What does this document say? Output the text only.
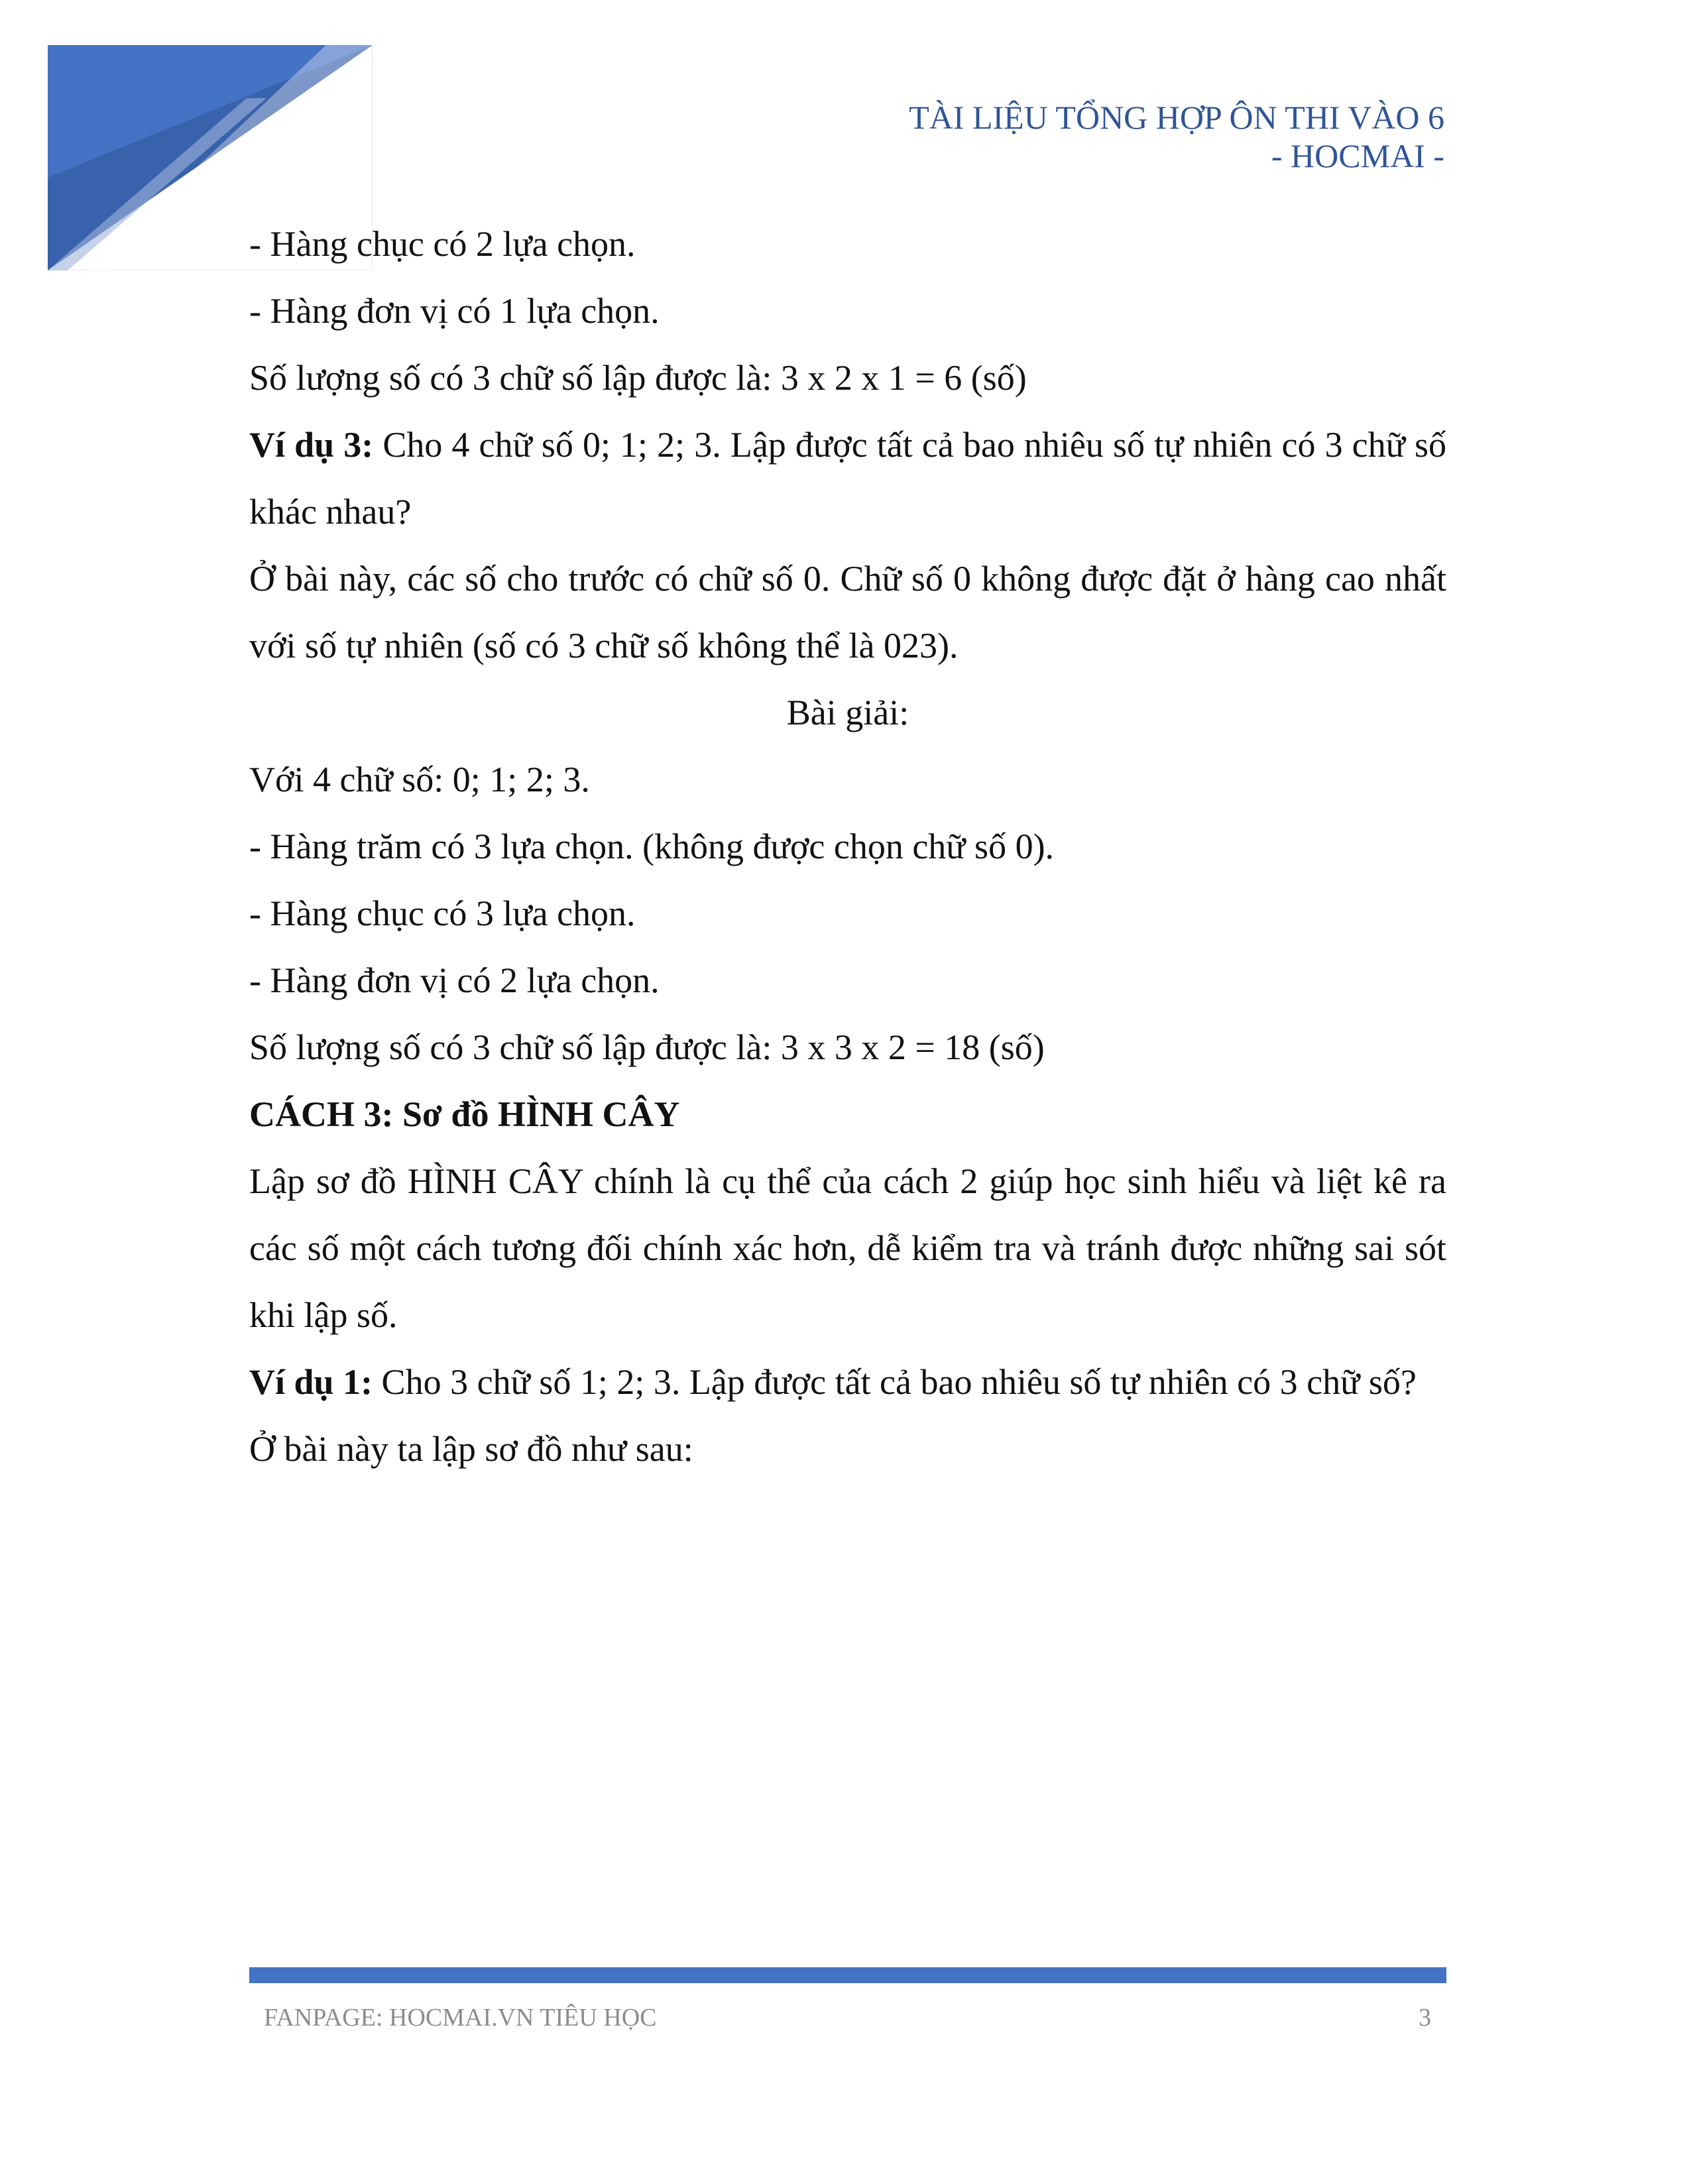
TÀI LIỆU TỔNG HỢP ÔN THI VÀO 6
- HOCMAI -

- Hàng chục có 2 lựa chọn.

- Hàng đơn vị có 1 lựa chọn.

Số lượng số có 3 chữ số lập được là: 3 x 2 x 1 = 6 (số)

Ví dụ 3: Cho 4 chữ số 0; 1; 2; 3. Lập được tất cả bao nhiêu số tự nhiên có 3 chữ số khác nhau?

Ở bài này, các số cho trước có chữ số 0. Chữ số 0 không được đặt ở hàng cao nhất với số tự nhiên (số có 3 chữ số không thể là 023).

Bài giải:

Với 4 chữ số: 0; 1; 2; 3.

- Hàng trăm có 3 lựa chọn. (không được chọn chữ số 0).

- Hàng chục có 3 lựa chọn.

- Hàng đơn vị có 2 lựa chọn.

Số lượng số có 3 chữ số lập được là: 3 x 3 x 2 = 18 (số)

CÁCH 3: Sơ đồ HÌNH CÂY

Lập sơ đồ HÌNH CÂY chính là cụ thể của cách 2 giúp học sinh hiểu và liệt kê ra các số một cách tương đối chính xác hơn, dễ kiểm tra và tránh được những sai sót khi lập số.

Ví dụ 1: Cho 3 chữ số 1; 2; 3. Lập được tất cả bao nhiêu số tự nhiên có 3 chữ số?

Ở bài này ta lập sơ đồ như sau:

FANPAGE: HOCMAI.VN TIÊU HỌC	3
